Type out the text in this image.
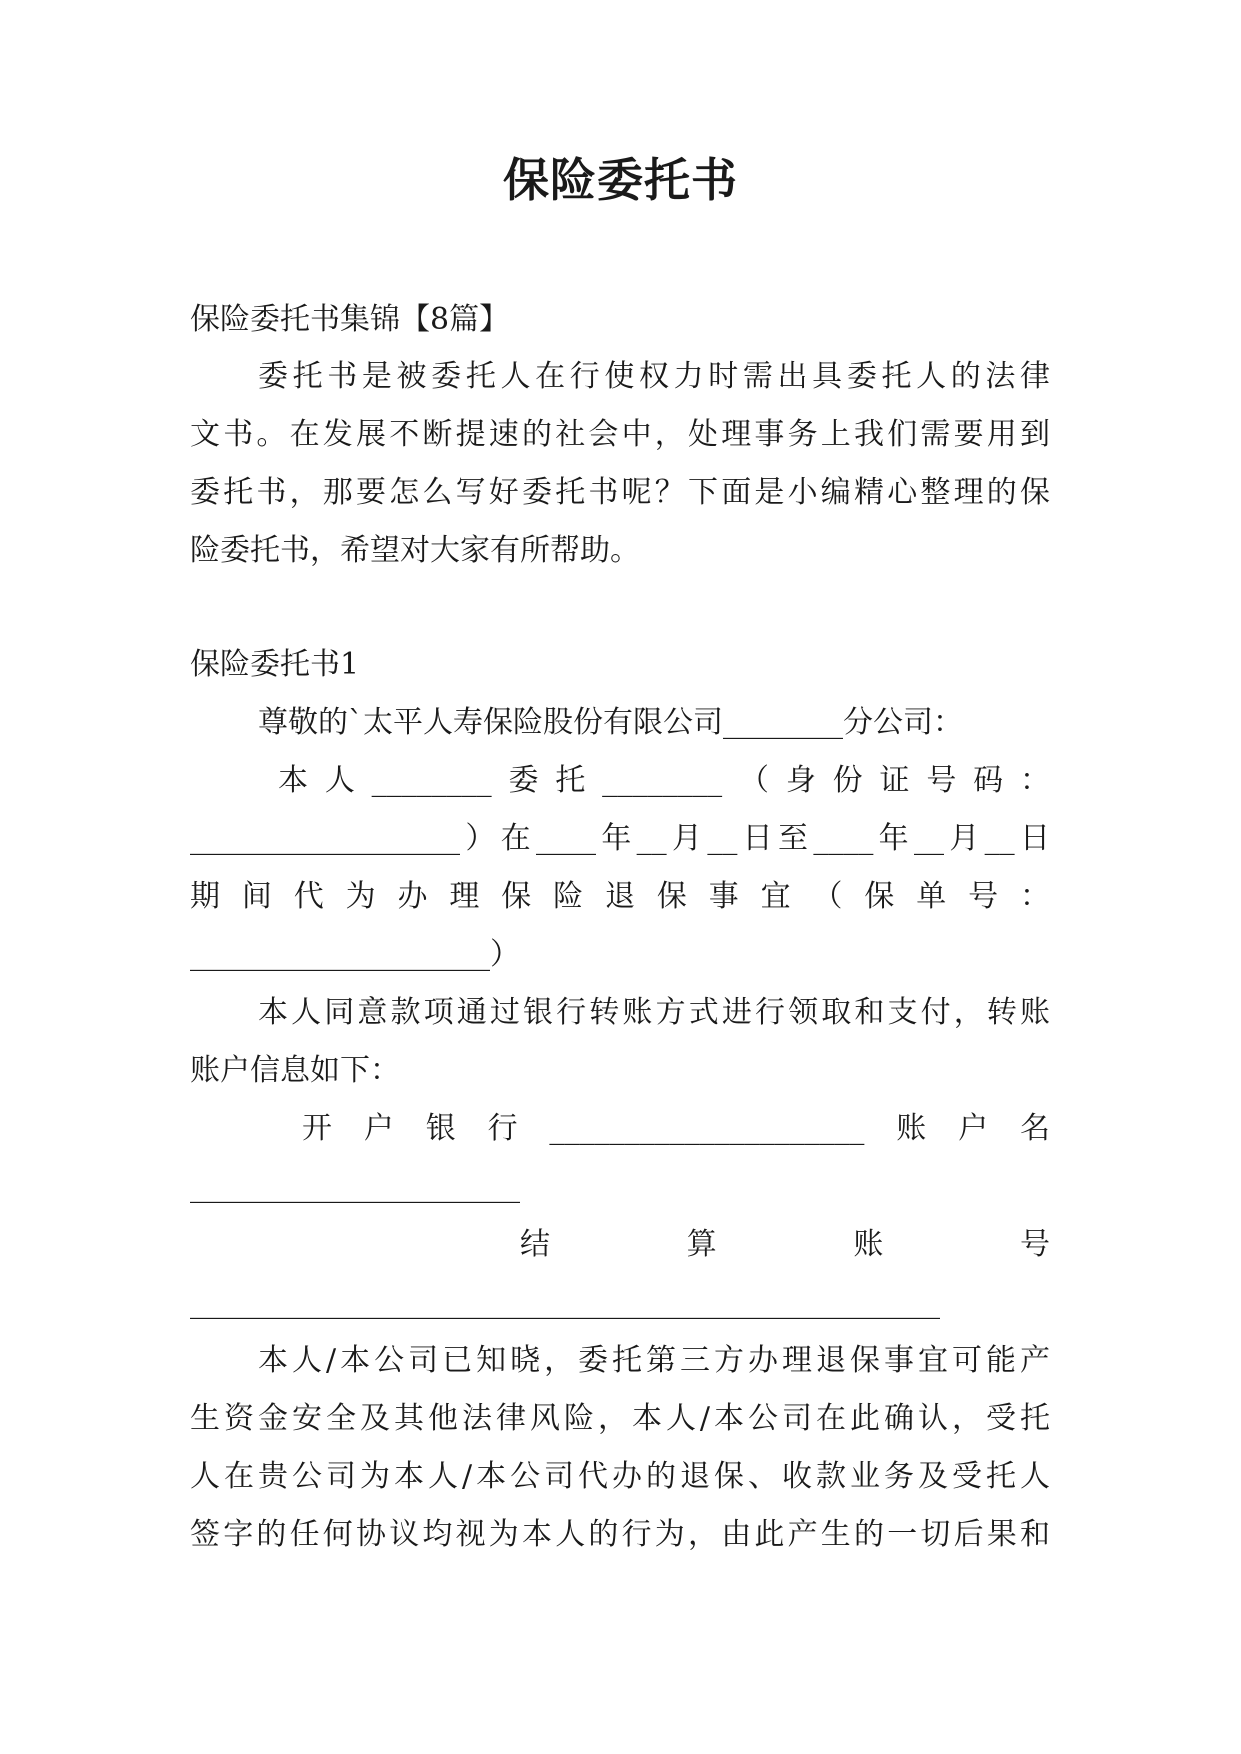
保险委托书
保险委托书集锦【8篇】
委托书是被委托人在行使权力时需出具委托人的法律
文书。在发展不断提速的社会中，处理事务上我们需要用到
委托书，那要怎么写好委托书呢？下面是小编精心整理的保
险委托书，希望对大家有所帮助。
保险委托书1
尊敬的`太平人寿保险股份有限公司________分公司：
本人________委托________（身份证号码：
__________________）在____年__月__日至____年__月__日
期间代为办理保险退保事宜（保单号：
____________________）
本人同意款项通过银行转账方式进行领取和支付，转账
账户信息如下：
开户银行_____________________账户名
______________________
结算账号
__________________________________________________
本人/本公司已知晓，委托第三方办理退保事宜可能产
生资金安全及其他法律风险，本人/本公司在此确认，受托
人在贵公司为本人/本公司代办的退保、收款业务及受托人
签字的任何协议均视为本人的行为，由此产生的一切后果和
